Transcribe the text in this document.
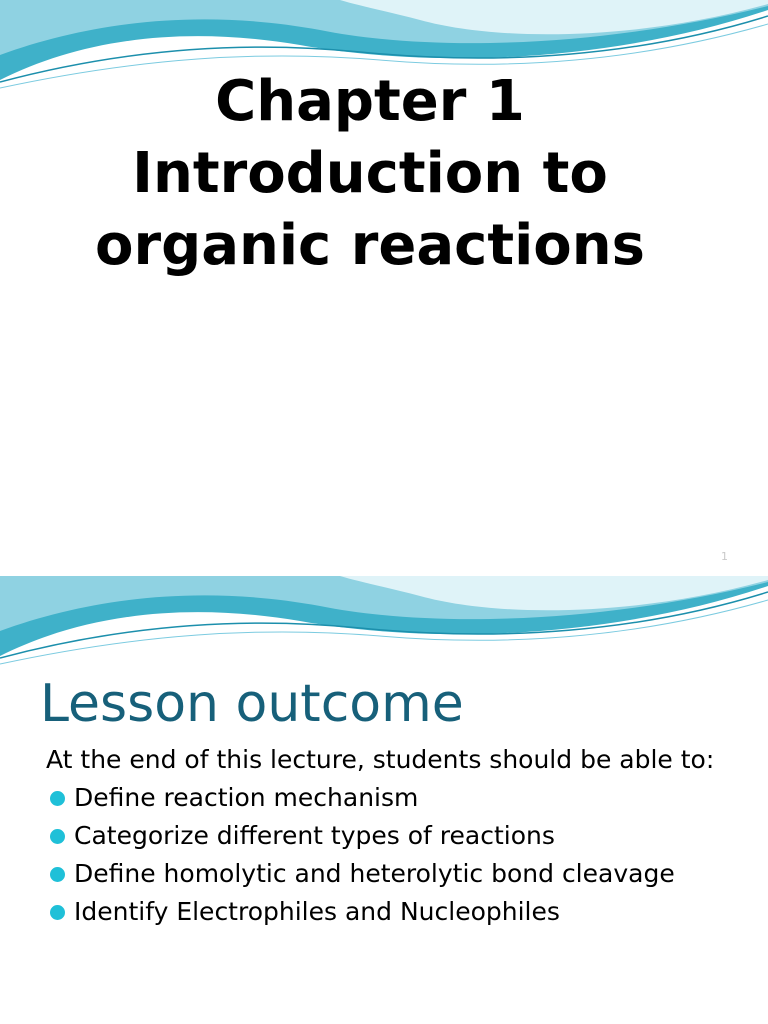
Chapter 1
Introduction to
organic reactions
1
Lesson outcome

At the end of this lecture, students should be able to:

Define reaction mechanism
Categorize different types of reactions
Define homolytic and heterolytic bond cleavage
Identify Electrophiles and Nucleophiles
